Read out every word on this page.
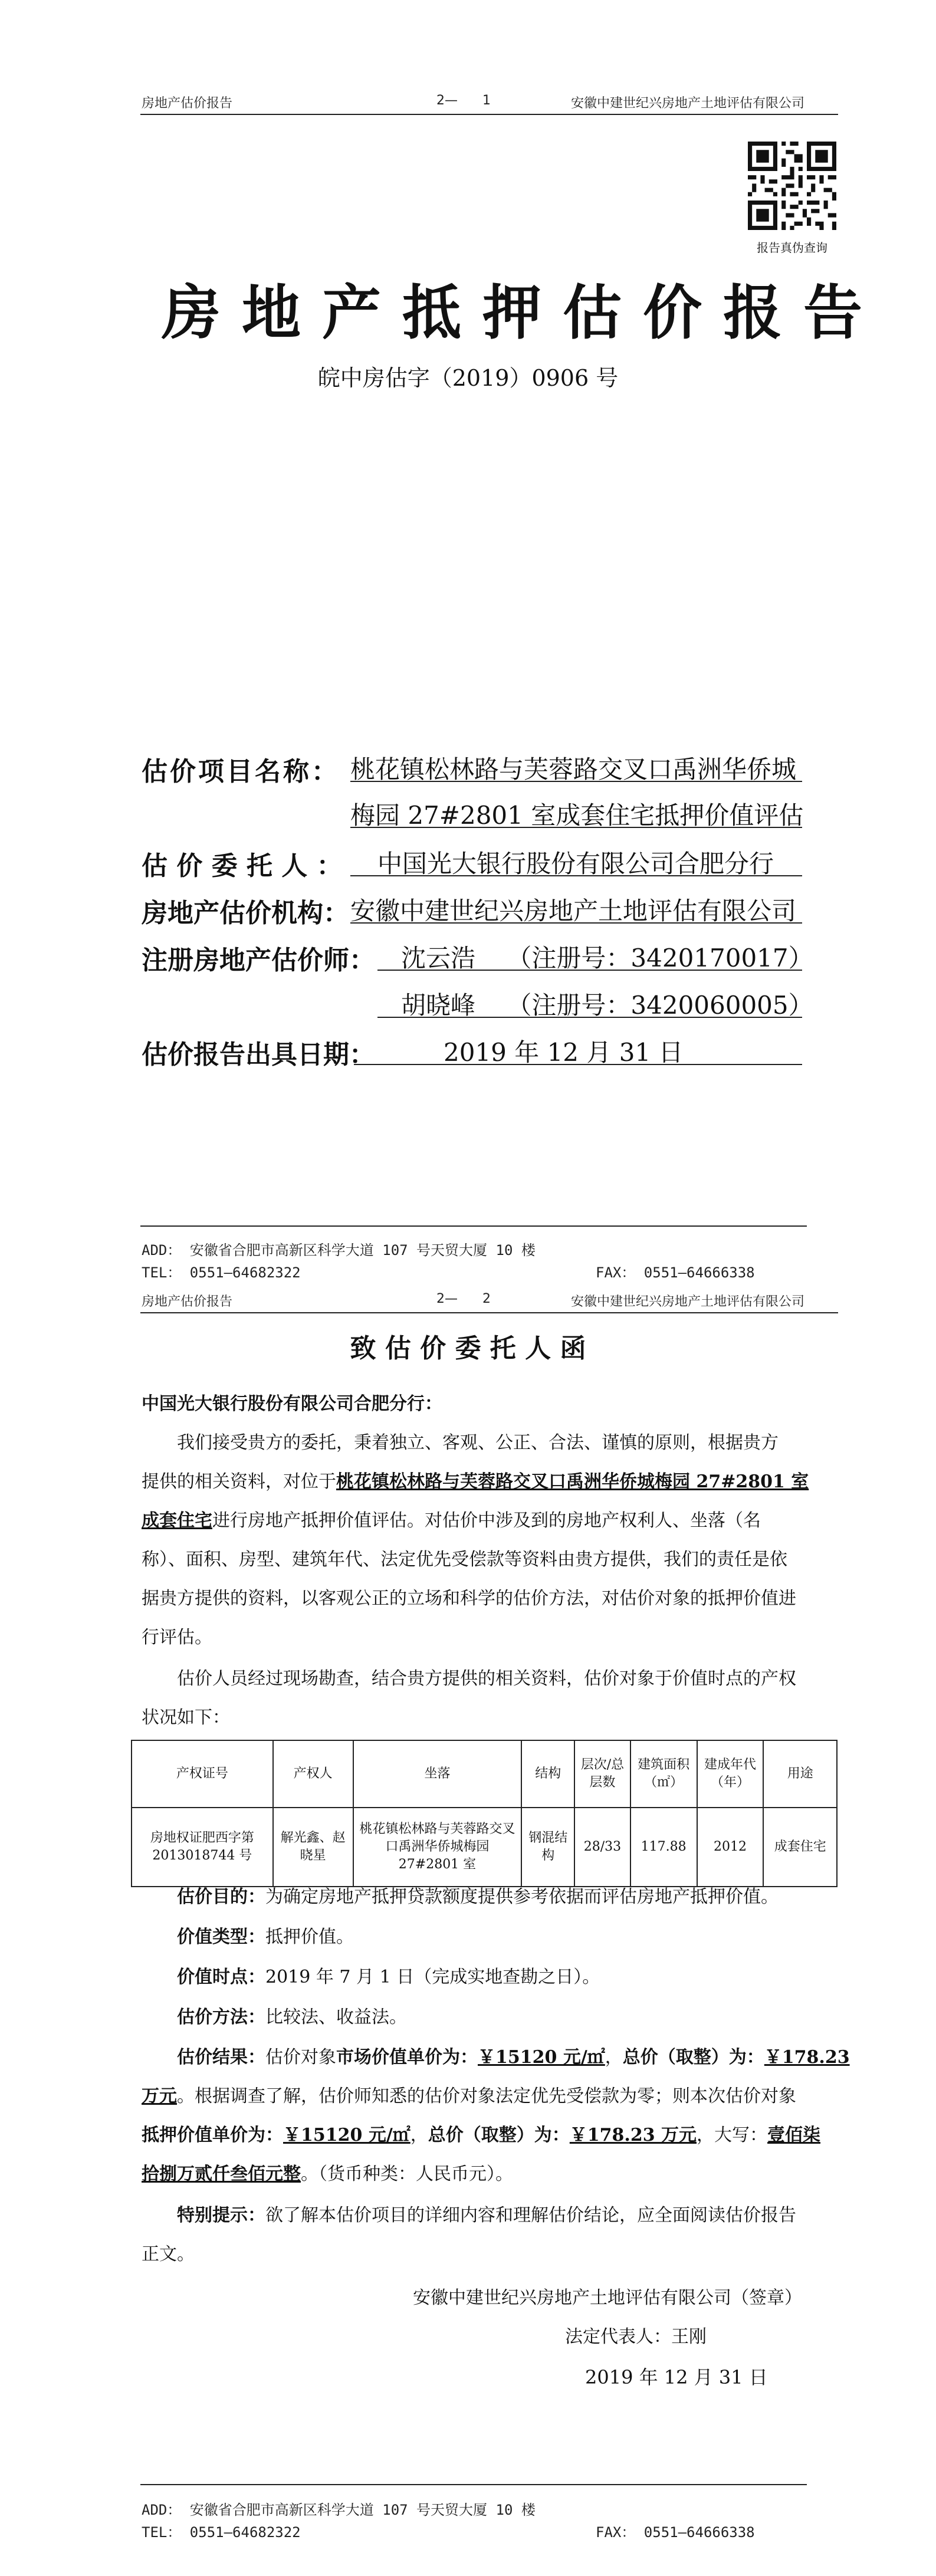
房地产估价报告	2—      1	安徽中建世纪兴房地产土地评估有限公司
报告真伪查询
房地产抵押估价报告
皖中房估字（2019）0906 号
估价项目名称： 桃花镇松林路与芙蓉路交叉口禹洲华侨城
梅园 27#2801 室成套住宅抵押价值评估
估 价 委 托 人 ： 中国光大银行股份有限公司合肥分行
房地产估价机构： 安徽中建世纪兴房地产土地评估有限公司
注册房地产估价师： 沈云浩    （注册号：3420170017）
胡晓峰    （注册号：3420060005）
估价报告出具日期：	2019 年 12 月 31 日
ADD： 安徽省合肥市高新区科学大道 107 号天贸大厦 10 楼
TEL： 0551—64682322	FAX： 0551—64666338
房地产估价报告	2—      2	安徽中建世纪兴房地产土地评估有限公司
致 估 价 委 托 人 函
中国光大银行股份有限公司合肥分行：
我们接受贵方的委托，秉着独立、客观、公正、合法、谨慎的原则，根据贵方
提供的相关资料，对位于桃花镇松林路与芙蓉路交叉口禹洲华侨城梅园 27#2801 室
成套住宅进行房地产抵押价值评估。对估价中涉及到的房地产权利人、坐落（名
称）、面积、房型、建筑年代、法定优先受偿款等资料由贵方提供，我们的责任是依
据贵方提供的资料，以客观公正的立场和科学的估价方法，对估价对象的抵押价值进
行评估。
估价人员经过现场勘查，结合贵方提供的相关资料，估价对象于价值时点的产权
状况如下：
产权证号	产权人	坐落	结构	层次/总层数	建筑面积（㎡）	建成年代（年）	用途
房地权证肥西字第2013018744 号	解光鑫、赵晓星	桃花镇松林路与芙蓉路交叉口禹洲华侨城梅园 27#2801 室	钢混结构	28/33	117.88	2012	成套住宅
估价目的：为确定房地产抵押贷款额度提供参考依据而评估房地产抵押价值。
价值类型：抵押价值。
价值时点：2019 年 7 月 1 日（完成实地查勘之日）。
估价方法：比较法、收益法。
估价结果：估价对象市场价值单价为：￥15120 元/㎡，总价（取整）为：￥178.23
万元。根据调查了解，估价师知悉的估价对象法定优先受偿款为零；则本次估价对象
抵押价值单价为：￥15120 元/㎡，总价（取整）为：￥178.23 万元，大写：壹佰柒
拾捌万贰仟叁佰元整。（货币种类：人民币元）。
特别提示：欲了解本估价项目的详细内容和理解估价结论，应全面阅读估价报告
正文。
安徽中建世纪兴房地产土地评估有限公司（签章）
法定代表人：王刚
2019 年 12 月 31 日
ADD： 安徽省合肥市高新区科学大道 107 号天贸大厦 10 楼
TEL： 0551—64682322	FAX： 0551—64666338
